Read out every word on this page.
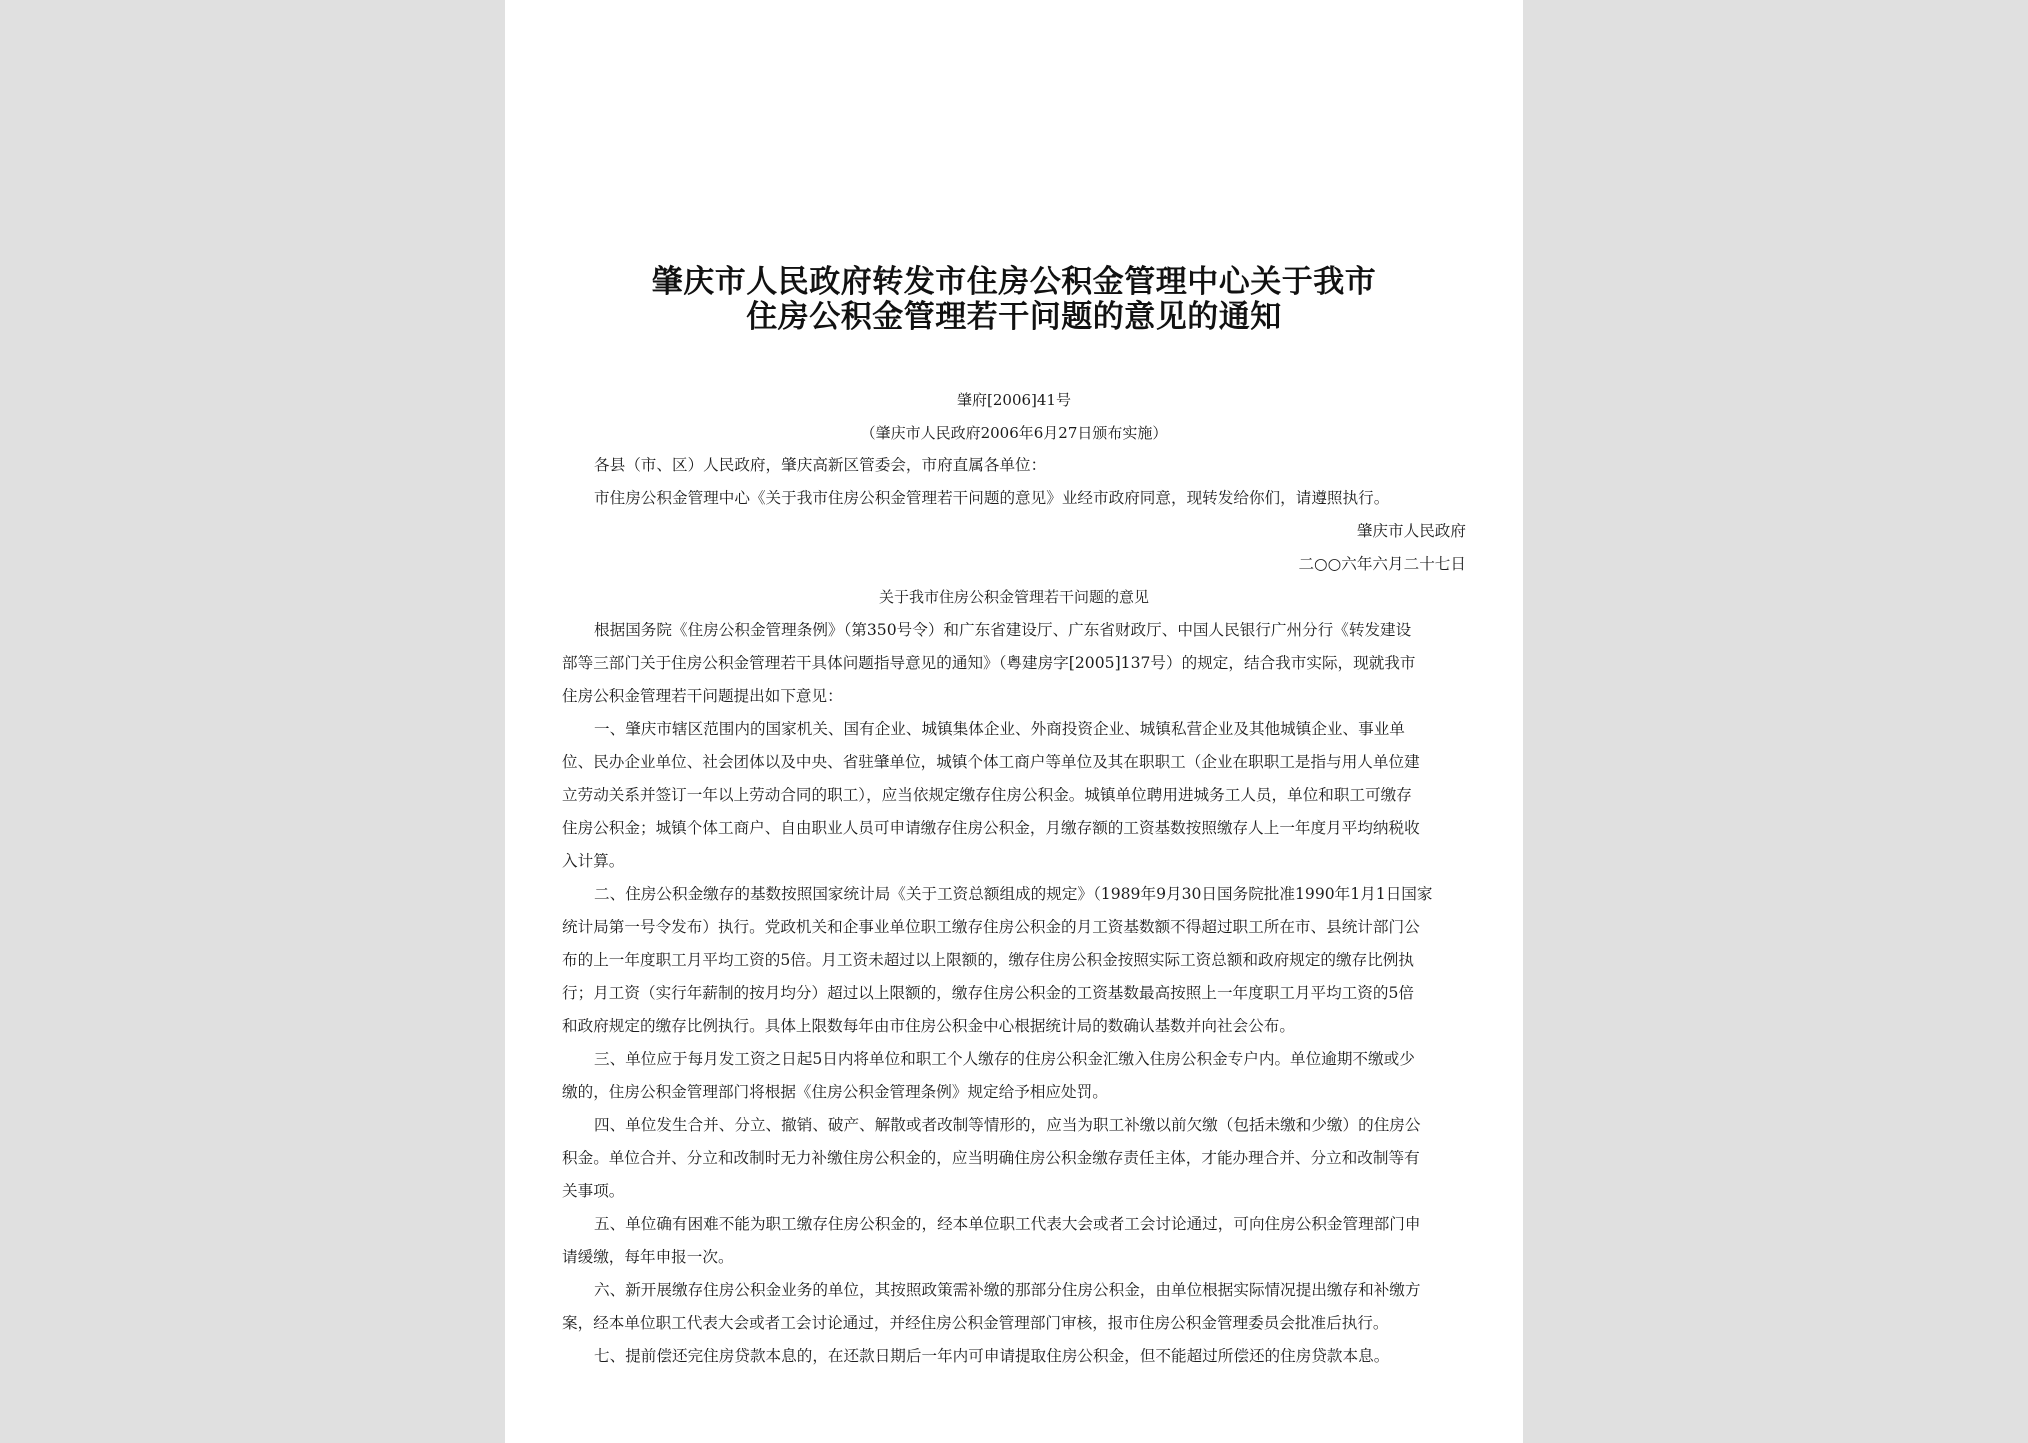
肇庆市人民政府转发市住房公积金管理中心关于我市
住房公积金管理若干问题的意见的通知
肇府[2006]41号
（肇庆市人民政府2006年6月27日颁布实施）
各县（市、区）人民政府，肇庆高新区管委会，市府直属各单位：
市住房公积金管理中心《关于我市住房公积金管理若干问题的意见》业经市政府同意，现转发给你们，请遵照执行。
肇庆市人民政府
二○○六年六月二十七日
关于我市住房公积金管理若干问题的意见
根据国务院《住房公积金管理条例》（第350号令）和广东省建设厅、广东省财政厅、中国人民银行广州分行《转发建设
部等三部门关于住房公积金管理若干具体问题指导意见的通知》（粤建房字[2005]137号）的规定，结合我市实际，现就我市
住房公积金管理若干问题提出如下意见：
一、肇庆市辖区范围内的国家机关、国有企业、城镇集体企业、外商投资企业、城镇私营企业及其他城镇企业、事业单
位、民办企业单位、社会团体以及中央、省驻肇单位，城镇个体工商户等单位及其在职职工（企业在职职工是指与用人单位建
立劳动关系并签订一年以上劳动合同的职工），应当依规定缴存住房公积金。城镇单位聘用进城务工人员，单位和职工可缴存
住房公积金；城镇个体工商户、自由职业人员可申请缴存住房公积金，月缴存额的工资基数按照缴存人上一年度月平均纳税收
入计算。
二、住房公积金缴存的基数按照国家统计局《关于工资总额组成的规定》（1989年9月30日国务院批准1990年1月1日国家
统计局第一号令发布）执行。党政机关和企事业单位职工缴存住房公积金的月工资基数额不得超过职工所在市、县统计部门公
布的上一年度职工月平均工资的5倍。月工资未超过以上限额的，缴存住房公积金按照实际工资总额和政府规定的缴存比例执
行；月工资（实行年薪制的按月均分）超过以上限额的，缴存住房公积金的工资基数最高按照上一年度职工月平均工资的5倍
和政府规定的缴存比例执行。具体上限数每年由市住房公积金中心根据统计局的数确认基数并向社会公布。
三、单位应于每月发工资之日起5日内将单位和职工个人缴存的住房公积金汇缴入住房公积金专户内。单位逾期不缴或少
缴的，住房公积金管理部门将根据《住房公积金管理条例》规定给予相应处罚。
四、单位发生合并、分立、撤销、破产、解散或者改制等情形的，应当为职工补缴以前欠缴（包括未缴和少缴）的住房公
积金。单位合并、分立和改制时无力补缴住房公积金的，应当明确住房公积金缴存责任主体，才能办理合并、分立和改制等有
关事项。
五、单位确有困难不能为职工缴存住房公积金的，经本单位职工代表大会或者工会讨论通过，可向住房公积金管理部门申
请缓缴，每年申报一次。
六、新开展缴存住房公积金业务的单位，其按照政策需补缴的那部分住房公积金，由单位根据实际情况提出缴存和补缴方
案，经本单位职工代表大会或者工会讨论通过，并经住房公积金管理部门审核，报市住房公积金管理委员会批准后执行。
七、提前偿还完住房贷款本息的，在还款日期后一年内可申请提取住房公积金，但不能超过所偿还的住房贷款本息。
